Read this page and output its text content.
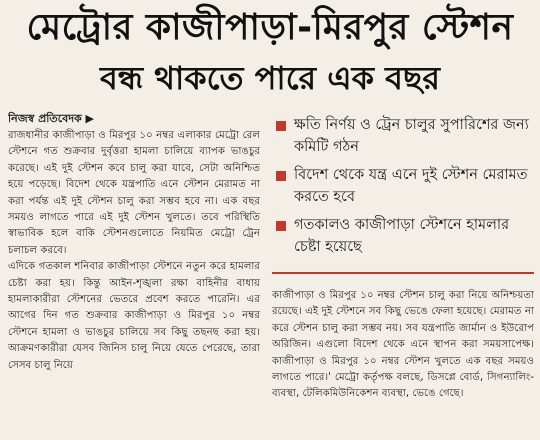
মেট্রোর কাজীপাড়া-মিরপুর স্টেশন
বন্ধ থাকতে পারে এক বছর
নিজস্ব প্রতিবেদক ▶

রাজধানীর কাজীপাড়া ও মিরপুর ১০ নম্বর এলাকার মেট্রো রেল স্টেশনে গত শুক্রবার দুর্বৃত্তরা হামলা চালিয়ে ব্যাপক ভাঙচুর করেছে। এই দুই স্টেশন কবে চালু করা যাবে, সেটা অনিশ্চিত হয়ে পড়েছে। বিদেশ থেকে যন্ত্রপাতি এনে স্টেশন মেরামত না করা পর্যন্ত এই দুই স্টেশন চালু করা সম্ভব হবে না। এক বছর সময়ও লাগতে পারে এই দুই স্টেশন খুলতে। তবে পরিস্থিতি স্বাভাবিক হলে বাকি স্টেশনগুলোতে নিয়মিত মেট্রো ট্রেন চলাচল করবে।

এদিকে গতকাল শনিবার কাজীপাড়া স্টেশনে নতুন করে হামলার চেষ্টা করা হয়। কিন্তু আইন-শৃঙ্খলা রক্ষা বাহিনীর বাধায় হামলাকারীরা স্টেশনের ভেতরে প্রবেশ করতে পারেনি। এর আগের দিন গত শুক্রবার কাজীপাড়া ও মিরপুর ১০ নম্বর স্টেশনে হামলা ও ভাঙচুর চালিয়ে সব কিছু তছনছ করা হয়। আক্রমণকারীরা যেসব জিনিস চালু নিয়ে যেতে পেরেছে, তারা সেসব চালু নিয়ে

ক্ষতি নির্ণয় ও ট্রেন চালুর সুপারিশের জন্য কমিটি গঠন
বিদেশ থেকে যন্ত্র এনে দুই স্টেশন মেরামত করতে হবে
গতকালও কাজীপাড়া স্টেশনে হামলার চেষ্টা হয়েছে

কাজীপাড়া ও মিরপুর ১০ নম্বর স্টেশন চালু করা নিয়ে অনিশ্চয়তা রয়েছে। এই দুই স্টেশনে সব কিছু ভেঙে ফেলা হয়েছে। মেরামত না করে স্টেশন চালু করা সম্ভব নয়। সব যন্ত্রপাতি জার্মান ও ইউরোপ অরিজিন। এগুলো বিদেশ থেকে এনে স্থাপন করা সময়সাপেক্ষ। কাজীপাড়া ও মিরপুর ১০ নম্বর স্টেশন খুলতে এক বছর সময়ও লাগতে পারে।' মেট্রো কর্তৃপক্ষ বলছে, ডিসপ্লে বোর্ড, সিগন্যালিং-ব্যবস্থা, টেলিকমিউনিকেশন ব্যবস্থা, ভেঙে গেছে।
